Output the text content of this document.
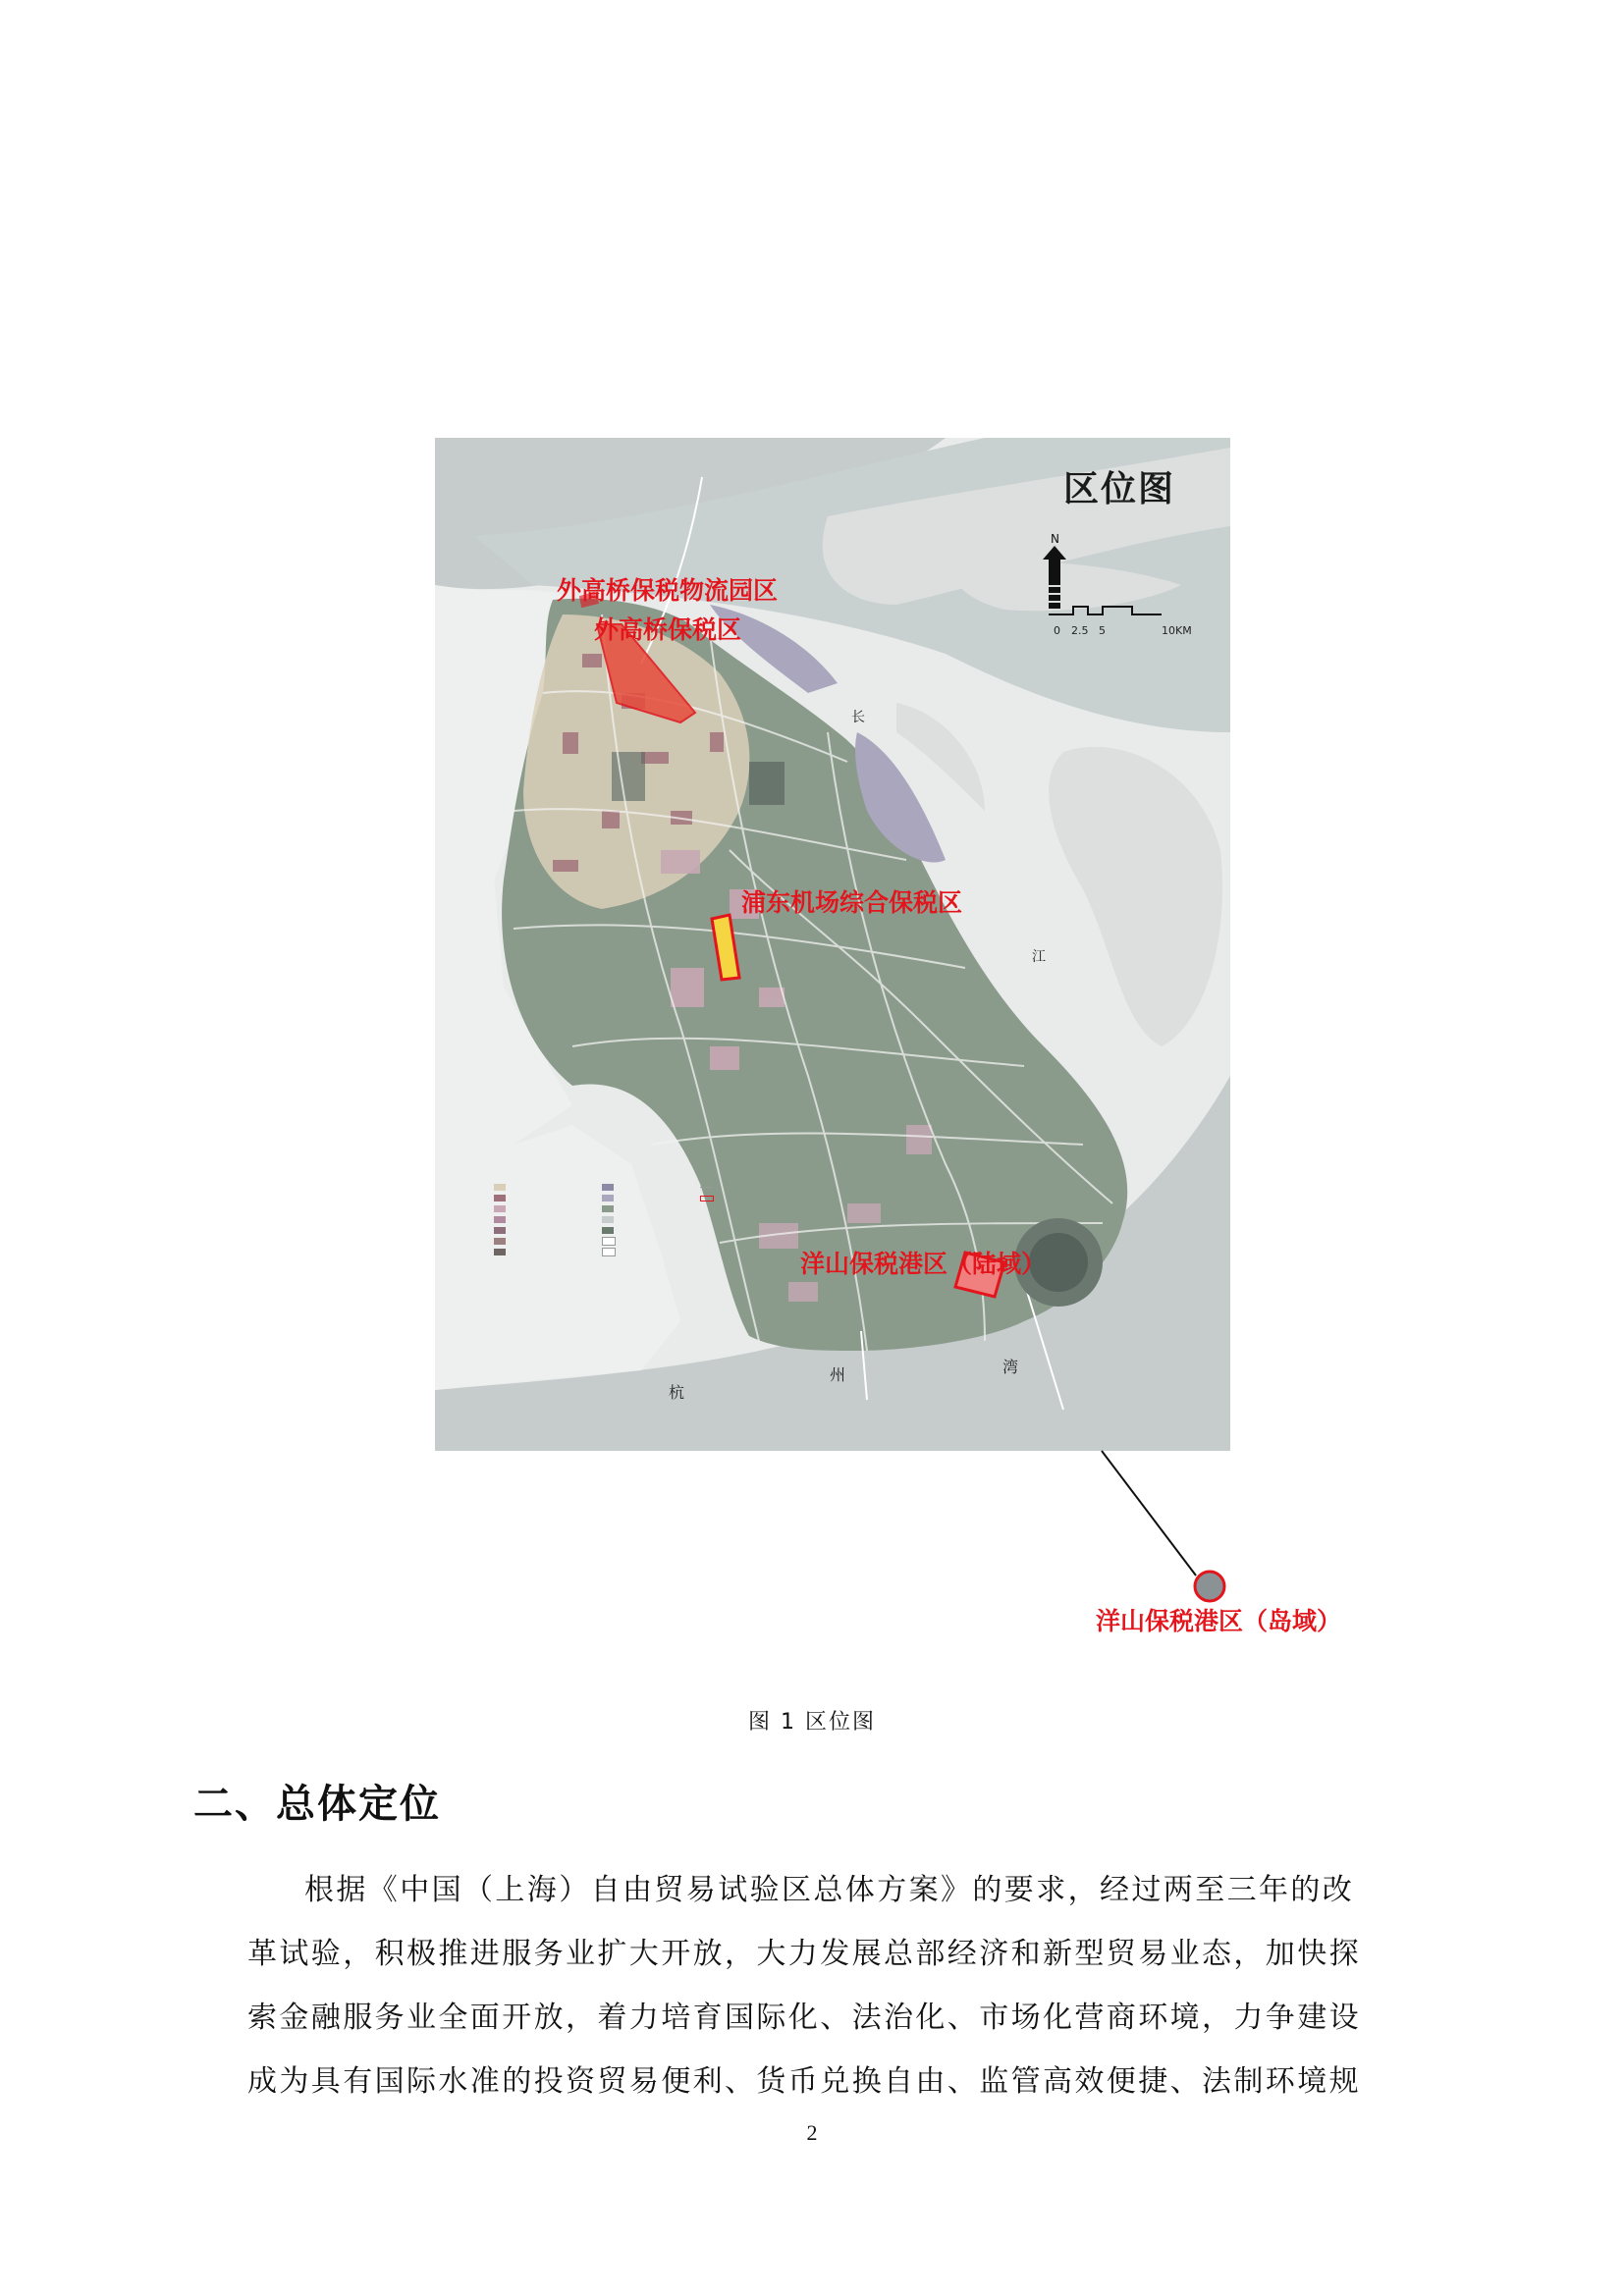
区位图
外高桥保税物流园区
外高桥保税区
浦东机场综合保税区
洋山保税港区（陆域）
长
江
杭
州	湾
N
0 2.5 5	10KM
洋山保税港区（岛域）
图 1 区位图
二、总体定位
根据《中国（上海）自由贸易试验区总体方案》的要求，经过两至三年的改
革试验，积极推进服务业扩大开放，大力发展总部经济和新型贸易业态，加快探
索金融服务业全面开放，着力培育国际化、法治化、市场化营商环境，力争建设
成为具有国际水准的投资贸易便利、货币兑换自由、监管高效便捷、法制环境规
2
